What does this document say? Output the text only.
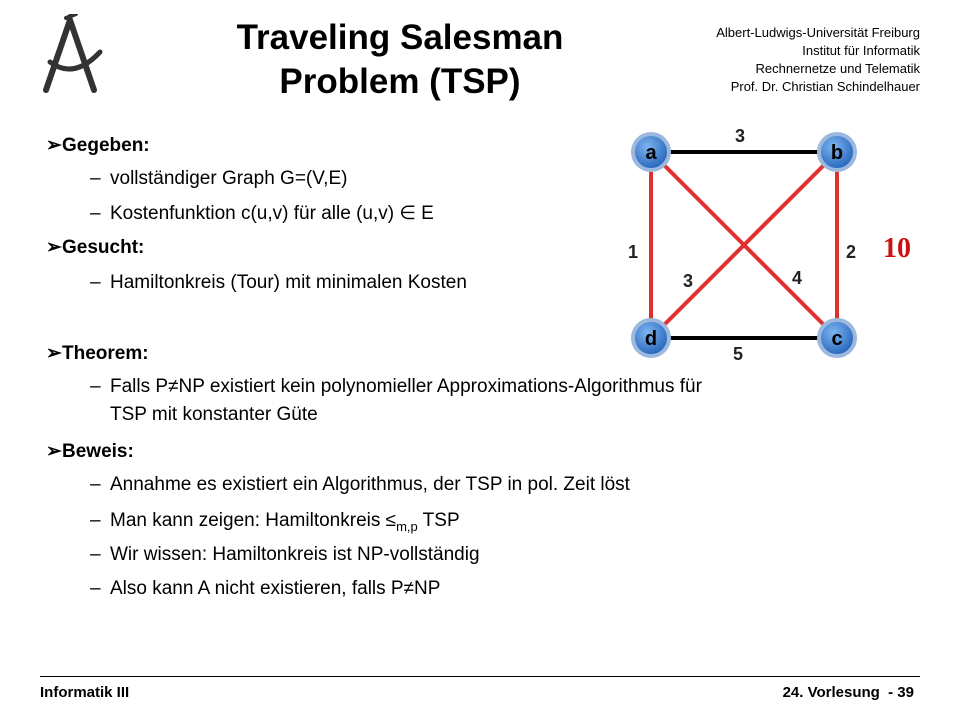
Traveling Salesman
Problem (TSP)
Albert-Ludwigs-Universität Freiburg
Institut für Informatik
Rechnernetze und Telematik
Prof. Dr. Christian Schindelhauer
➢Gegeben:
– vollständiger Graph G=(V,E)
– Kostenfunktion c(u,v) für alle (u,v) ∈ E
➢Gesucht:
– Hamiltonkreis (Tour) mit minimalen Kosten
➢Theorem:
– Falls P≠NP existiert kein polynomieller Approximations-Algorithmus für
TSP mit konstanter Güte
➢Beweis:
– Annahme es existiert ein Algorithmus, der TSP in pol. Zeit löst
– Man kann zeigen: Hamiltonkreis $\le_{m,p}$ TSP
– Wir wissen: Hamiltonkreis ist NP-vollständig
– Also kann A nicht existieren, falls P≠NP
a	b
c
d
3
1	2
3	4
5
10
Informatik III	24. Vorlesung  - 39
